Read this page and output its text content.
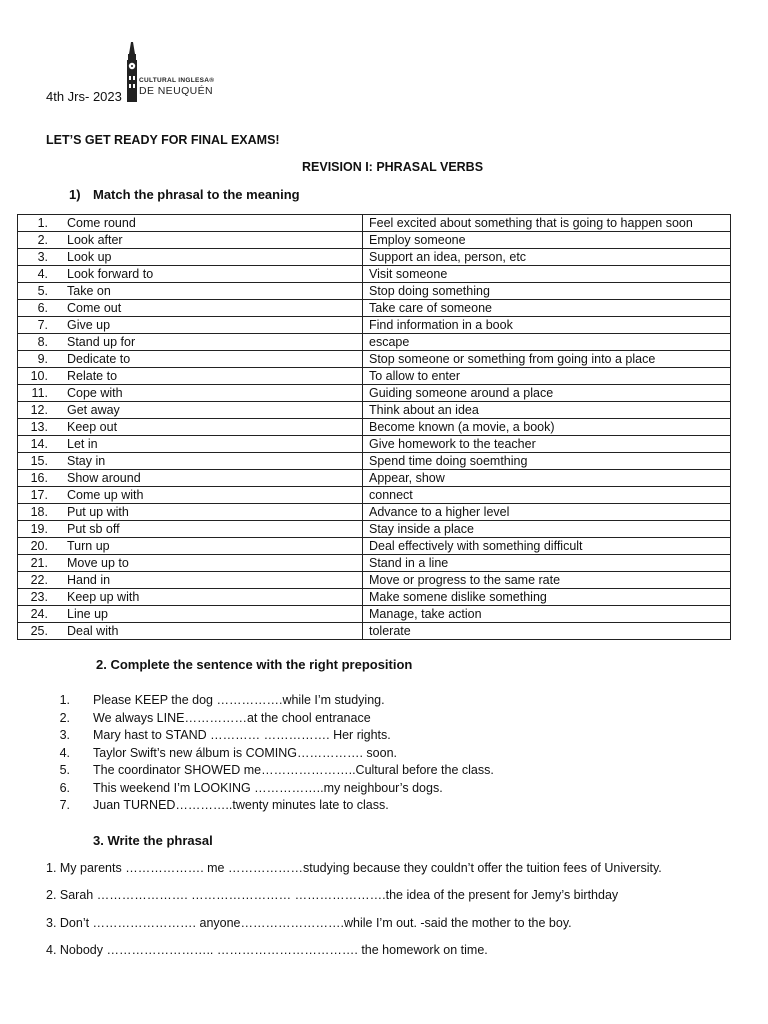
4th Jrs- 2023
CULTURAL INGLESA®
DE NEUQUÉN
LET’S GET READY FOR FINAL EXAMS!
REVISION I: PHRASAL VERBS
1) Match the phrasal to the meaning
1. Come round	Feel excited about something that is going to happen soon
2. Look after	Employ someone
3. Look up	Support an idea, person, etc
4. Look forward to	Visit someone
5. Take on	Stop doing something
6. Come out	Take care of someone
7. Give up	Find information in a book
8. Stand up for	escape
9. Dedicate to	Stop someone or something from going into a place
10. Relate to	To allow to enter
11. Cope with	Guiding someone around a place
12. Get away	Think about an idea
13. Keep out	Become known (a movie, a book)
14. Let in	Give homework to the teacher
15. Stay in	Spend time doing soemthing
16. Show around	Appear, show
17. Come up with	connect
18. Put up with	Advance to a higher level
19. Put sb off	Stay inside a place
20. Turn up	Deal effectively with something difficult
21. Move up to	Stand in a line
22. Hand in	Move or progress to the same rate
23. Keep up with	Make somene dislike something
24. Line up	Manage, take action
25. Deal with	tolerate
2. Complete the sentence with the right preposition
1. Please KEEP the dog …………….while I’m studying.
2. We always LINE……………at the chool entranace
3. Mary hast to STAND ………… ……………. Her rights.
4. Taylor Swift’s new álbum is COMING……………. soon.
5. The coordinator SHOWED me…………………..Cultural before the class.
6. This weekend I’m LOOKING ……………..my neighbour’s dogs.
7. Juan TURNED…………..twenty minutes late to class.
3. Write the phrasal
1. My parents ………………. me ………………studying because they couldn’t offer the tuition fees of University.
2. Sarah …………………. …………………… ………………….the idea of the present for Jemy’s birthday
3. Don’t ……………………. anyone…………………….while I’m out. -said the mother to the boy.
4. Nobody …………………….. ……………………………. the homework on time.
